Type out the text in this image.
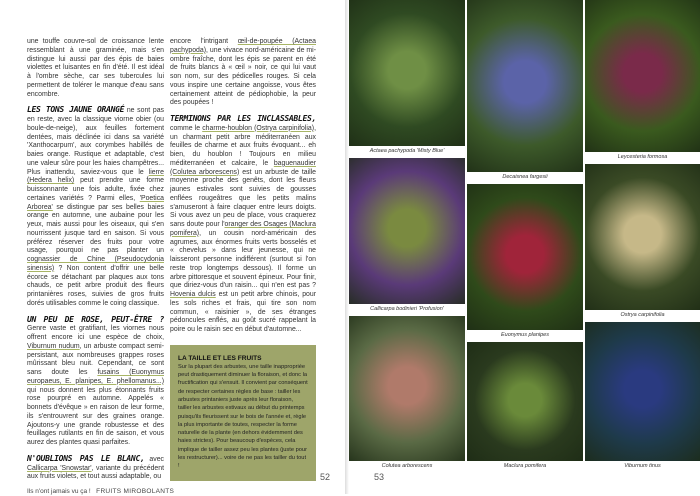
une touffe couvre-sol de croissance lente ressemblant à une graminée, mais s'en distingue lui aussi par des épis de baies violettes et luisantes en fin d'été. Il est idéal à l'ombre sèche, car ses tubercules lui permettent de tolérer le manque d'eau sans encombre.

LES TONS JAUNE ORANGÉ ne sont pas en reste, avec la classique viorne obier (ou boule-de-neige), aux feuilles fortement dentées, mais déclinée ici dans sa variété 'Xanthocarpum', aux corymbes habillés de baies orange. Rustique et adaptable, c'est une valeur sûre pour les haies champêtres... Plus inattendu, saviez-vous que le lierre (Hedera helix) peut prendre une forme buissonnante une fois adulte, fixée chez certaines variétés ? Parmi elles, 'Poetica Arborea' se distingue par ses belles baies orange en automne, une aubaine pour les yeux, mais aussi pour les oiseaux, qui s'en nourrissent jusque tard en saison. Si vous préférez réserver des fruits pour votre usage, pourquoi ne pas planter un cognassier de Chine (Pseudocydonia sinensis) ? Non content d'offrir une belle écorce se détachant par plaques aux tons chauds, ce petit arbre produit des fleurs printanières roses, suivies de gros fruits dorés utilisables comme le coing classique.

UN PEU DE ROSE, PEUT-ÊTRE ? Genre vaste et gratifiant, les viornes nous offrent encore ici une espèce de choix, Viburnum nudum, un arbuste compact semi-persistant, aux nombreuses grappes roses mûrissant bleu nuit. Cependant, ce sont sans doute les fusains (Euonymus europaeus, E. planipes, E. phellomanus...) qui nous donnent les plus étonnants fruits rose pourpré en automne. Appelés « bonnets d'évêque » en raison de leur forme, ils s'entrouvrent sur des graines orange. Ajoutons-y une grande robustesse et des feuillages rutilants en fin de saison, et vous aurez des plantes quasi parfaites.

N'OUBLIONS PAS LE BLANC, avec Callicarpa 'Snowstar', variante du précédent aux fruits violets, et tout aussi adaptable, ou

Ils n'ont jamais vu ça ! FRUITS MIROBOLANTS

encore l'intrigant œil-de-poupée (Actaea pachypoda), une vivace nord-américaine de mi-ombre fraîche, dont les épis se parent en été de fruits blancs à « œil » noir, ce qui lui vaut son nom, sur des pédicelles rouges. Si cela vous inspire une certaine angoisse, vous êtes certainement atteint de pédiophobie, la peur des poupées !

TERMINONS PAR LES INCLASSABLES, comme le charme-houblon (Ostrya carpinifolia), un charmant petit arbre méditerranéen aux feuilles de charme et aux fruits évoquant... eh bien, du houblon ! Toujours en milieu méditerranéen et calcaire, le baguenaudier (Colutea arborescens) est un arbuste de taille moyenne proche des genêts, dont les fleurs jaunes estivales sont suivies de gousses enflées rougeâtres que les petits malins s'amuseront à faire claquer entre leurs doigts. Si vous avez un peu de place, vous craquerez sans doute pour l'oranger des Osages (Maclura pomifera), un cousin nord-américain des agrumes, aux énormes fruits verts bosselés et « chevelus » dans leur jeunesse, qui ne laisseront personne indifférent (surtout si l'on reste trop longtemps dessous). Il forme un arbre pittoresque et souvent épineux. Pour finir, que diriez-vous d'un raisin... qui n'en est pas ? Hovenia dulcis est un petit arbre chinois, pour les sols riches et frais, qui tire son nom commun, « raisinier », de ses étranges pédoncules enflés, au goût sucré rappelant la poire ou le raisin sec en début d'automne...

LA TAILLE ET LES FRUITS
Sur la plupart des arbustes, une taille inappropriée peut drastiquement diminuer la floraison, et donc la fructification qui s'ensuit. Il convient par conséquent de respecter certaines règles de base : tailler les arbustes printaniers juste après leur floraison, tailler les arbustes estivaux au début du printemps puisqu'ils fleurissent sur le bois de l'année et, règle la plus importante de toutes, respecter la forme naturelle de la plante (en dehors évidemment des haies strictes). Pour beaucoup d'espèces, cela implique de tailler assez peu les plantes (juste pour les restructurer)... voire de ne pas les tailler du tout !
52	53
Actaea pachypoda 'Misty Blue'
Decaisnea fargesii
Leycesteria formosa
Callicarpa bodinieri 'Profusion'
Euonymus planipes
Ostrya carpinifolia
Colutea arborescens	Maclura pomifera	Viburnum tinus
